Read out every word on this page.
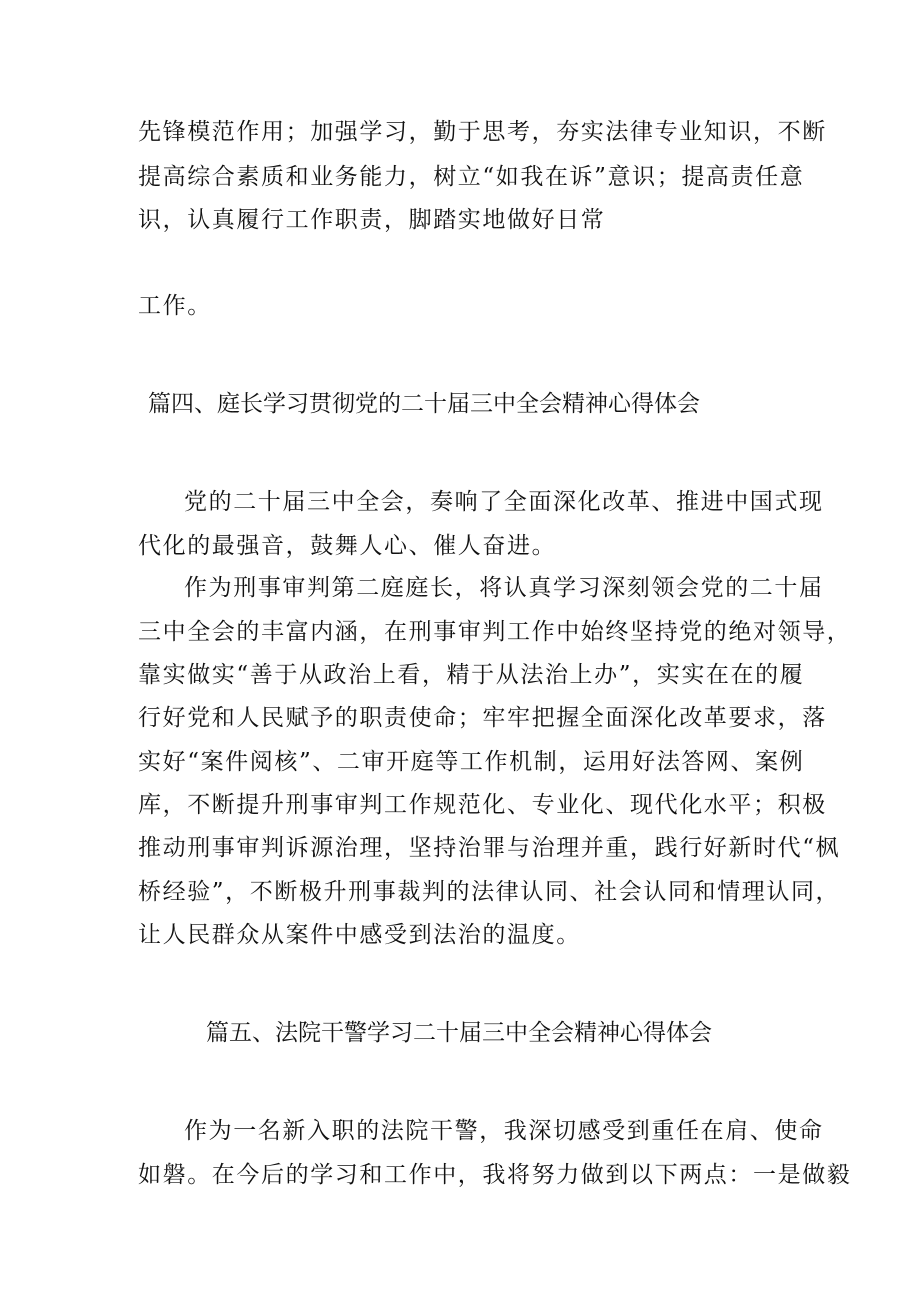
先锋模范作用；加强学习，勤于思考，夯实法律专业知识，不断
提高综合素质和业务能力，树立“如我在诉”意识；提高责任意
识，认真履行工作职责，脚踏实地做好日常
工作。
篇四、庭长学习贯彻党的二十届三中全会精神心得体会
党的二十届三中全会，奏响了全面深化改革、推进中国式现
代化的最强音，鼓舞人心、催人奋进。
作为刑事审判第二庭庭长，将认真学习深刻领会党的二十届
三中全会的丰富内涵，在刑事审判工作中始终坚持党的绝对领导，
靠实做实“善于从政治上看，精于从法治上办”，实实在在的履
行好党和人民赋予的职责使命；牢牢把握全面深化改革要求，落
实好“案件阅核”、二审开庭等工作机制，运用好法答网、案例
库，不断提升刑事审判工作规范化、专业化、现代化水平；积极
推动刑事审判诉源治理，坚持治罪与治理并重，践行好新时代“枫
桥经验”，不断极升刑事裁判的法律认同、社会认同和情理认同，
让人民群众从案件中感受到法治的温度。
篇五、法院干警学习二十届三中全会精神心得体会
作为一名新入职的法院干警，我深切感受到重任在肩、使命
如磐。在今后的学习和工作中，我将努力做到以下两点：一是做毅
